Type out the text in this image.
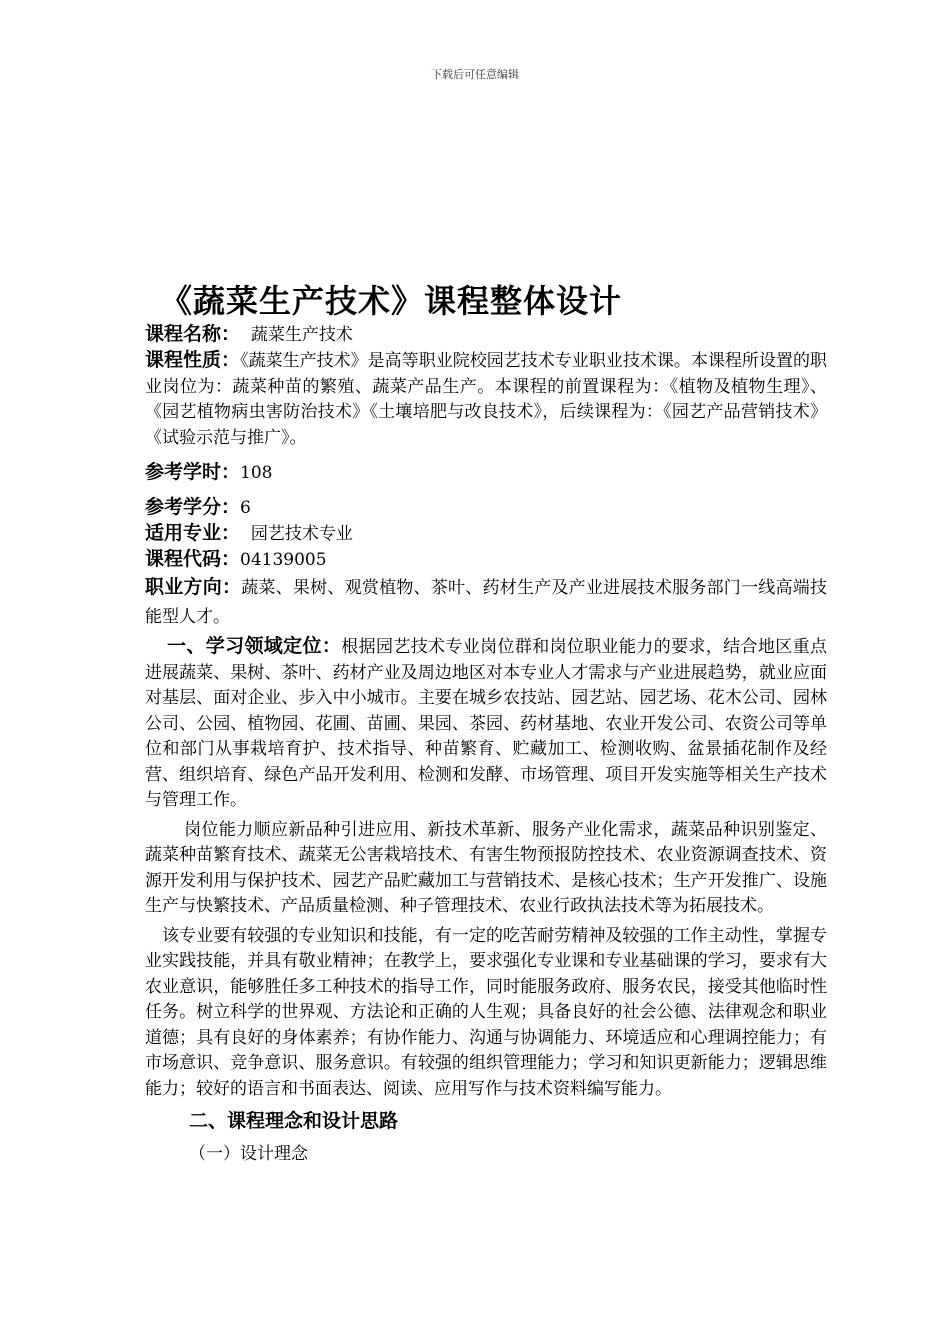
下载后可任意编辑
《蔬菜生产技术》课程整体设计

课程名称：  蔬菜生产技术

课程性质：《蔬菜生产技术》是高等职业院校园艺技术专业职业技术课。本课程所设置的职业岗位为：蔬菜种苗的繁殖、蔬菜产品生产。本课程的前置课程为：《植物及植物生理》、《园艺植物病虫害防治技术》《土壤培肥与改良技术》，后续课程为：《园艺产品营销技术》《试验示范与推广》。

参考学时：108

参考学分：6

适用专业：  园艺技术专业

课程代码：04139005

职业方向：蔬菜、果树、观赏植物、茶叶、药材生产及产业进展技术服务部门一线高端技能型人才。

一、学习领域定位：根据园艺技术专业岗位群和岗位职业能力的要求，结合地区重点进展蔬菜、果树、茶叶、药材产业及周边地区对本专业人才需求与产业进展趋势，就业应面对基层、面对企业、步入中小城市。主要在城乡农技站、园艺站、园艺场、花木公司、园林公司、公园、植物园、花圃、苗圃、果园、茶园、药材基地、农业开发公司、农资公司等单位和部门从事栽培育护、技术指导、种苗繁育、贮藏加工、检测收购、盆景插花制作及经营、组织培育、绿色产品开发利用、检测和发酵、市场管理、项目开发实施等相关生产技术与管理工作。

岗位能力顺应新品种引进应用、新技术革新、服务产业化需求，蔬菜品种识别鉴定、蔬菜种苗繁育技术、蔬菜无公害栽培技术、有害生物预报防控技术、农业资源调查技术、资源开发利用与保护技术、园艺产品贮藏加工与营销技术、是核心技术；生产开发推广、设施生产与快繁技术、产品质量检测、种子管理技术、农业行政执法技术等为拓展技术。

该专业要有较强的专业知识和技能，有一定的吃苦耐劳精神及较强的工作主动性，掌握专业实践技能，并具有敬业精神；在教学上，要求强化专业课和专业基础课的学习，要求有大农业意识，能够胜任多工种技术的指导工作，同时能服务政府、服务农民，接受其他临时性任务。树立科学的世界观、方法论和正确的人生观；具备良好的社会公德、法律观念和职业道德；具有良好的身体素养；有协作能力、沟通与协调能力、环境适应和心理调控能力；有市场意识、竞争意识、服务意识。有较强的组织管理能力；学习和知识更新能力；逻辑思维能力；较好的语言和书面表达、阅读、应用写作与技术资料编写能力。

二、课程理念和设计思路

（一）设计理念
